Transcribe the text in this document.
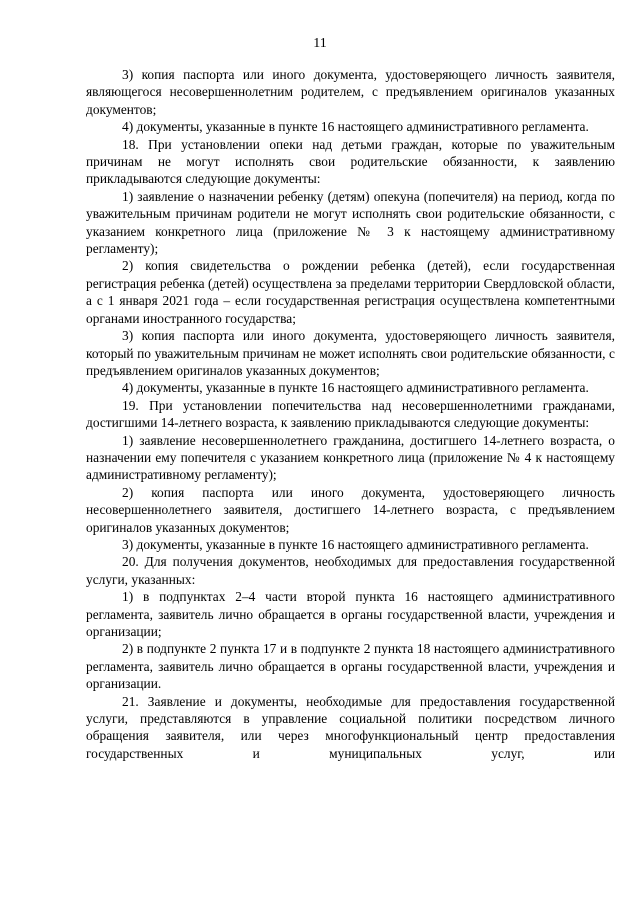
11

3) копия паспорта или иного документа, удостоверяющего личность заявителя, являющегося несовершеннолетним родителем, с предъявлением оригиналов указанных документов;

4) документы, указанные в пункте 16 настоящего административного регламента.

18. При установлении опеки над детьми граждан, которые по уважительным причинам не могут исполнять свои родительские обязанности, к заявлению прикладываются следующие документы:

1) заявление о назначении ребенку (детям) опекуна (попечителя) на период, когда по уважительным причинам родители не могут исполнять свои родительские обязанности, с указанием конкретного лица (приложение № 3 к настоящему административному регламенту);

2) копия свидетельства о рождении ребенка (детей), если государственная регистрация ребенка (детей) осуществлена за пределами территории Свердловской области, а с 1 января 2021 года – если государственная регистрация осуществлена компетентными органами иностранного государства;

3) копия паспорта или иного документа, удостоверяющего личность заявителя, который по уважительным причинам не может исполнять свои родительские обязанности, с предъявлением оригиналов указанных документов;

4) документы, указанные в пункте 16 настоящего административного регламента.

19. При установлении попечительства над несовершеннолетними гражданами, достигшими 14-летнего возраста, к заявлению прикладываются следующие документы:

1) заявление несовершеннолетнего гражданина, достигшего 14-летнего возраста, о назначении ему попечителя с указанием конкретного лица (приложение № 4 к настоящему административному регламенту);

2) копия паспорта или иного документа, удостоверяющего личность несовершеннолетнего заявителя, достигшего 14-летнего возраста, с предъявлением оригиналов указанных документов;

3) документы, указанные в пункте 16 настоящего административного регламента.

20. Для получения документов, необходимых для предоставления государственной услуги, указанных:

1) в подпунктах 2–4 части второй пункта 16 настоящего административного регламента, заявитель лично обращается в органы государственной власти, учреждения и организации;

2) в подпункте 2 пункта 17 и в подпункте 2 пункта 18 настоящего административного регламента, заявитель лично обращается в органы государственной власти, учреждения и организации.

21. Заявление и документы, необходимые для предоставления государственной услуги, представляются в управление социальной политики посредством личного обращения заявителя, или через многофункциональный центр предоставления государственных и муниципальных услуг, или
